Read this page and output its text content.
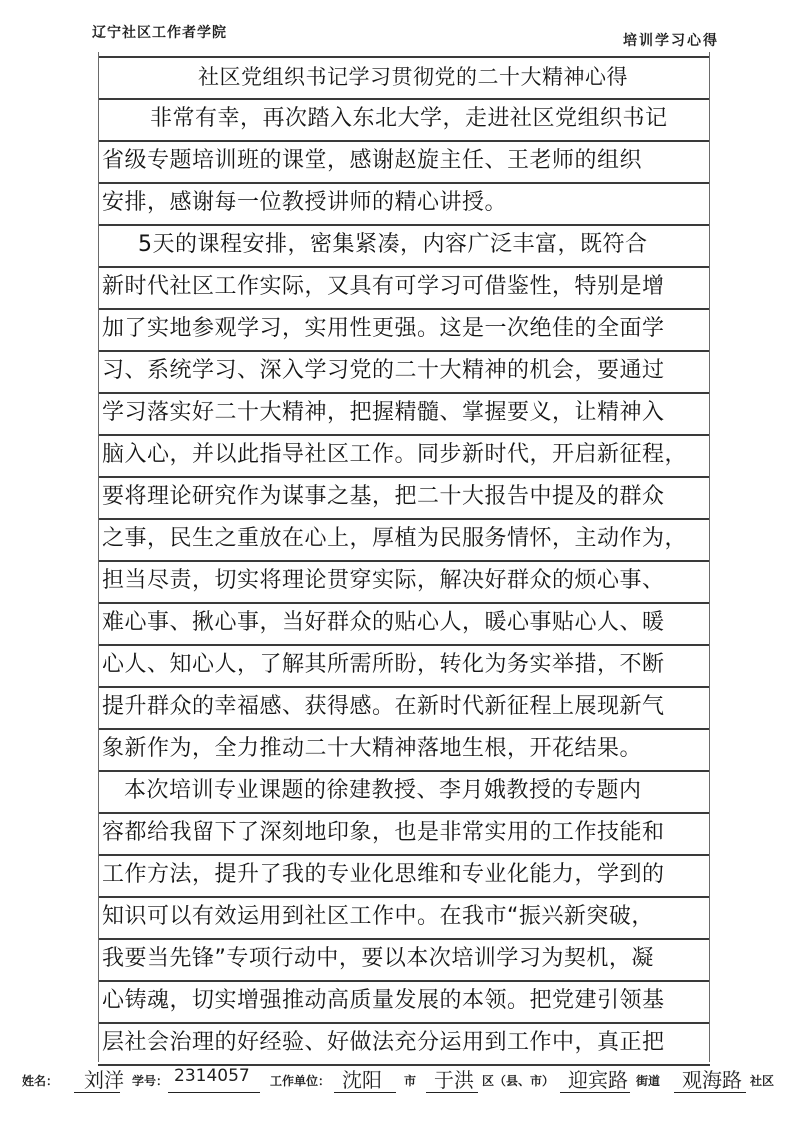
辽宁社区工作者学院	培训学习心得
社区党组织书记学习贯彻党的二十大精神心得
非常有幸，再次踏入东北大学，走进社区党组织书记
省级专题培训班的课堂，感谢赵旋主任、王老师的组织
安排，感谢每一位教授讲师的精心讲授。
5天的课程安排，密集紧凑，内容广泛丰富，既符合
新时代社区工作实际，又具有可学习可借鉴性，特别是增
加了实地参观学习，实用性更强。这是一次绝佳的全面学
习、系统学习、深入学习党的二十大精神的机会，要通过
学习落实好二十大精神，把握精髓、掌握要义，让精神入
脑入心，并以此指导社区工作。同步新时代，开启新征程，
要将理论研究作为谋事之基，把二十大报告中提及的群众
之事，民生之重放在心上，厚植为民服务情怀，主动作为，
担当尽责，切实将理论贯穿实际，解决好群众的烦心事、
难心事、揪心事，当好群众的贴心人，暖心事贴心人、暖
心人、知心人，了解其所需所盼，转化为务实举措，不断
提升群众的幸福感、获得感。在新时代新征程上展现新气
象新作为，全力推动二十大精神落地生根，开花结果。
本次培训专业课题的徐建教授、李月娥教授的专题内
容都给我留下了深刻地印象，也是非常实用的工作技能和
工作方法，提升了我的专业化思维和专业化能力，学到的
知识可以有效运用到社区工作中。在我市“振兴新突破，
我要当先锋”专项行动中，要以本次培训学习为契机，凝
心铸魂，切实增强推动高质量发展的本领。把党建引领基
层社会治理的好经验、好做法充分运用到工作中，真正把
姓名： 刘洋 学号： 2314057 工作单位： 沈阳 市 于洪 区（县、市） 迎宾路 街道 观海路 社区
